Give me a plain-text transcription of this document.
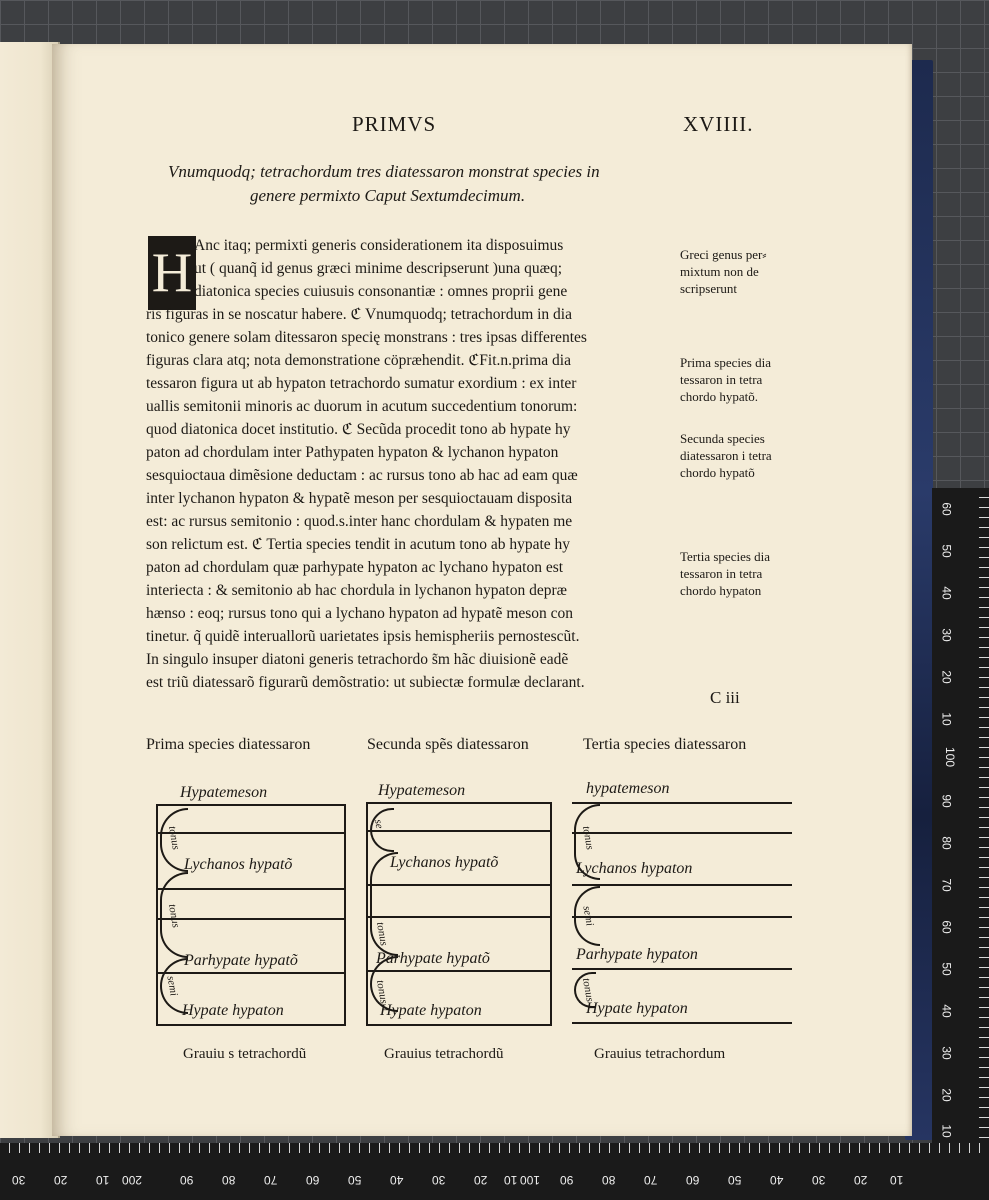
PRIMVS	XVIIII.
Vnumquodq; tetrachordum tres diatessaron monstrat species in
genere permixto Caput Sextumdecimum.
H Anc itaq; permixti generis considerationem ita disposuimus
ut ( quanq̃ id genus græci minime descripserunt )una quæq;
diatonica species cuiusuis consonantiæ : omnes proprii gene
ris figuras in se noscatur habere. ℭ Vnumquodq; tetrachordum in dia
tonico genere solam ditessaron specię monstrans : tres ipsas differentes
figuras clara atq; nota demonstratione cöpræhendit. ℭFit.n.prima dia
tessaron figura ut ab hypaton tetrachordo sumatur exordium : ex inter
uallis semitonii minoris ac duorum in acutum succedentium tonorum:
quod diatonica docet institutio. ℭ Secũda procedit tono ab hypate hy
paton ad chordulam inter Pathypaten hypaton & lychanon hypaton
sesquioctaua dimẽsione deductam : ac rursus tono ab hac ad eam quæ
inter lychanon hypaton & hypatẽ meson per sesquioctauam disposita
est: ac rursus semitonio : quod.s.inter hanc chordulam & hypaten me
son relictum est. ℭ Tertia species tendit in acutum tono ab hypate hy
paton ad chordulam quæ parhypate hypaton ac lychano hypaton est
interiecta : & semitonio ab hac chordula in lychanon hypaton depræ
hænso : eoq; rursus tono qui a lychano hypaton ad hypatẽ meson con
tinetur. q̃ quidẽ interuallorũ uarietates ipsis hemispheriis pernostescũt.
In singulo insuper diatoni generis tetrachordo s̃m hãc diuisionẽ eadẽ
est triũ diatessarõ figurarũ demõstratio: ut subiectæ formulæ declarant.
Greci genus per⸗ mixtum non de scripserunt
Prima species dia tessaron in tetra chordo hypatõ.
Secunda species diatessaron i tetra chordo hypatõ
Tertia species dia tessaron in tetra chordo hypaton
C iii
Prima species diatessaron	Secunda spẽs diatessaron	Tertia species diatessaron
Hypatemeson
Lychanos hypatõ
Parhypate hypatõ
Hypate hypaton
tonus
tonus
semi
Hypatemeson
Lychanos hypatõ
Parhypate hypatõ
Hypate hypaton
se
tonus
tonus
hypatemeson
Lychanos hypaton
Parhypate hypaton
Hypate hypaton
tonus
semi
tonus
Grauiu s tetrachordũ	Grauius tetrachordũ	Grauius tetrachordum
60
50
40
30
20
10
100
90
80
70
60
50
40
30
20
10
30 20 10 200	90 80 70 60 50 40 30 20 10 100 90 80 70 60 50 40 30 20 10
